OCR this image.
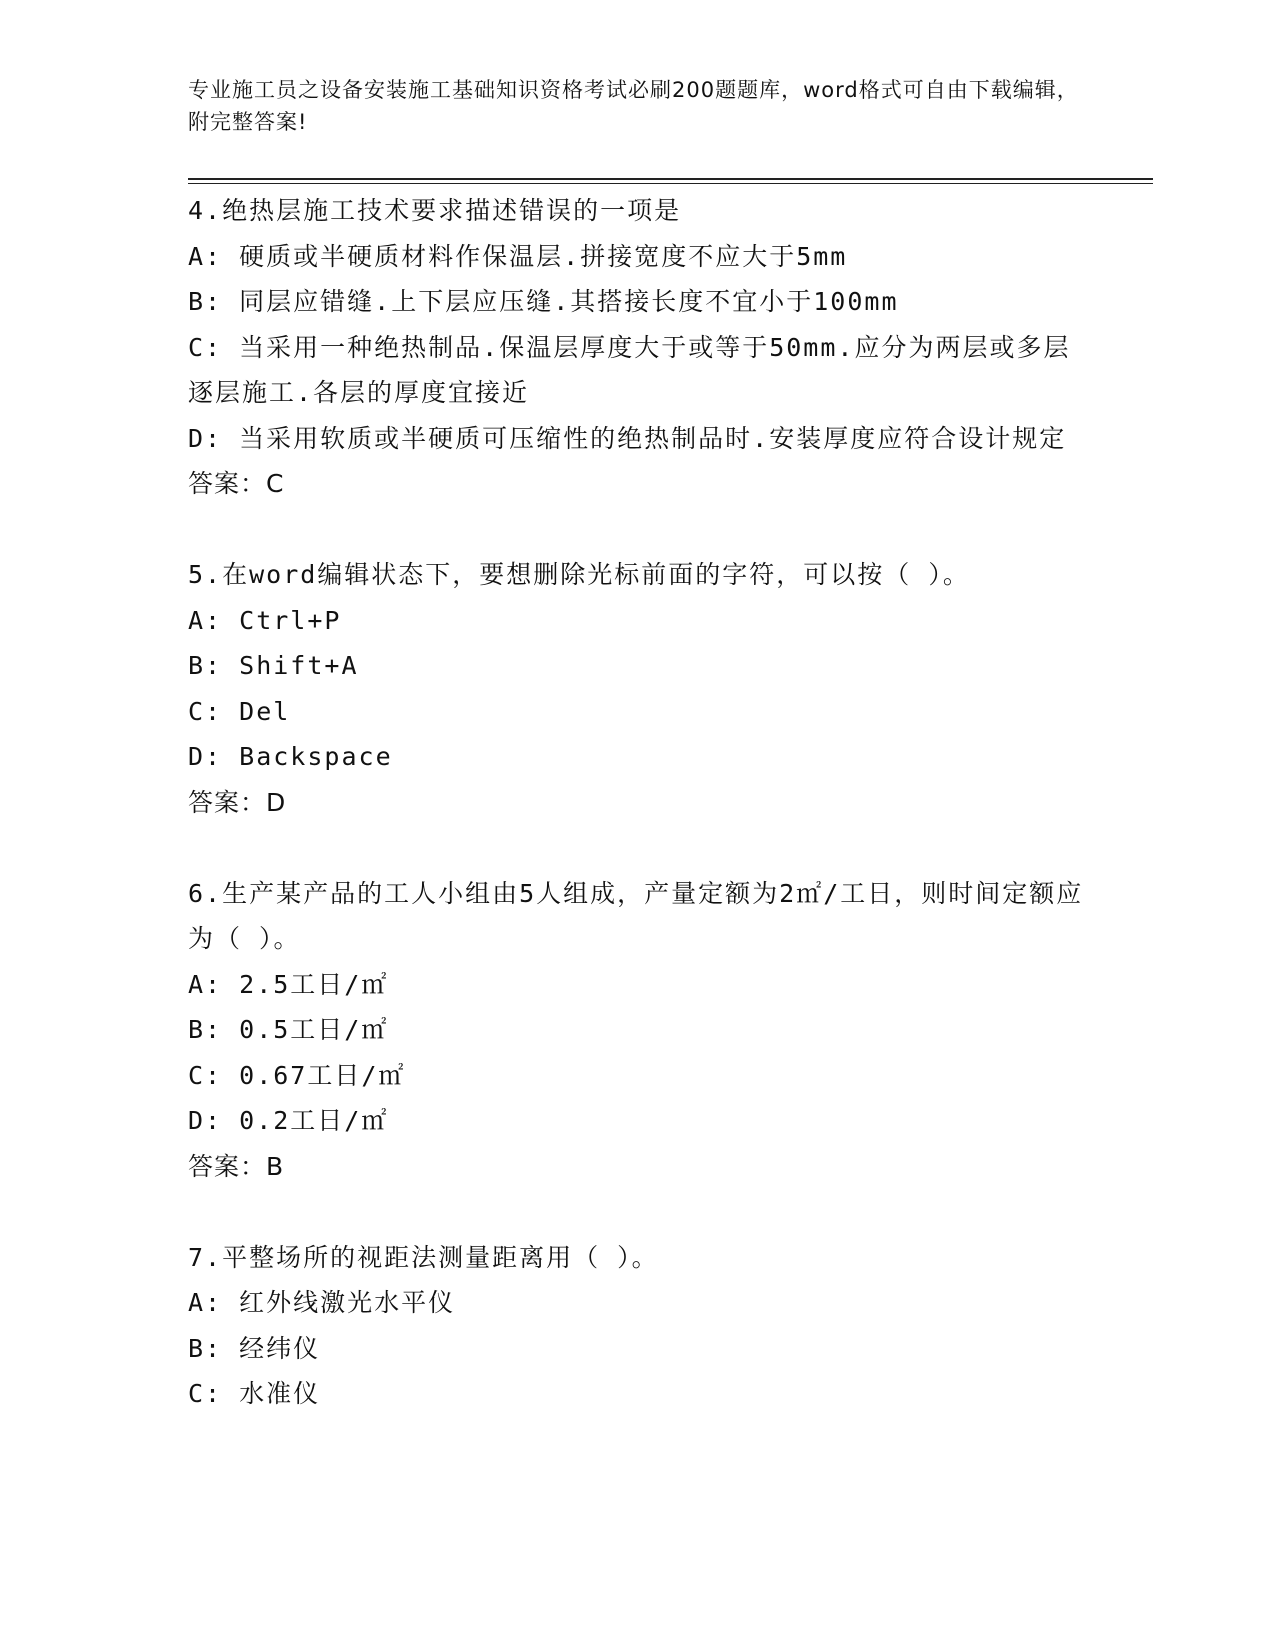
专业施工员之设备安装施工基础知识资格考试必刷200题题库，word格式可自由下载编辑，附完整答案!
4.绝热层施工技术要求描述错误的一项是
A: 硬质或半硬质材料作保温层.拼接宽度不应大于5mm
B: 同层应错缝.上下层应压缝.其搭接长度不宜小于100mm
C: 当采用一种绝热制品.保温层厚度大于或等于50mm.应分为两层或多层逐层施工.各层的厚度宜接近
D: 当采用软质或半硬质可压缩性的绝热制品时.安装厚度应符合设计规定
答案：C
5.在word编辑状态下，要想删除光标前面的字符，可以按（ ）。
A: Ctrl+P
B: Shift+A
C: Del
D: Backspace
答案：D
6.生产某产品的工人小组由5人组成，产量定额为2㎡/工日，则时间定额应为（ ）。
A: 2.5工日/㎡
B: 0.5工日/㎡
C: 0.67工日/㎡
D: 0.2工日/㎡
答案：B
7.平整场所的视距法测量距离用（ ）。
A: 红外线激光水平仪
B: 经纬仪
C: 水准仪
